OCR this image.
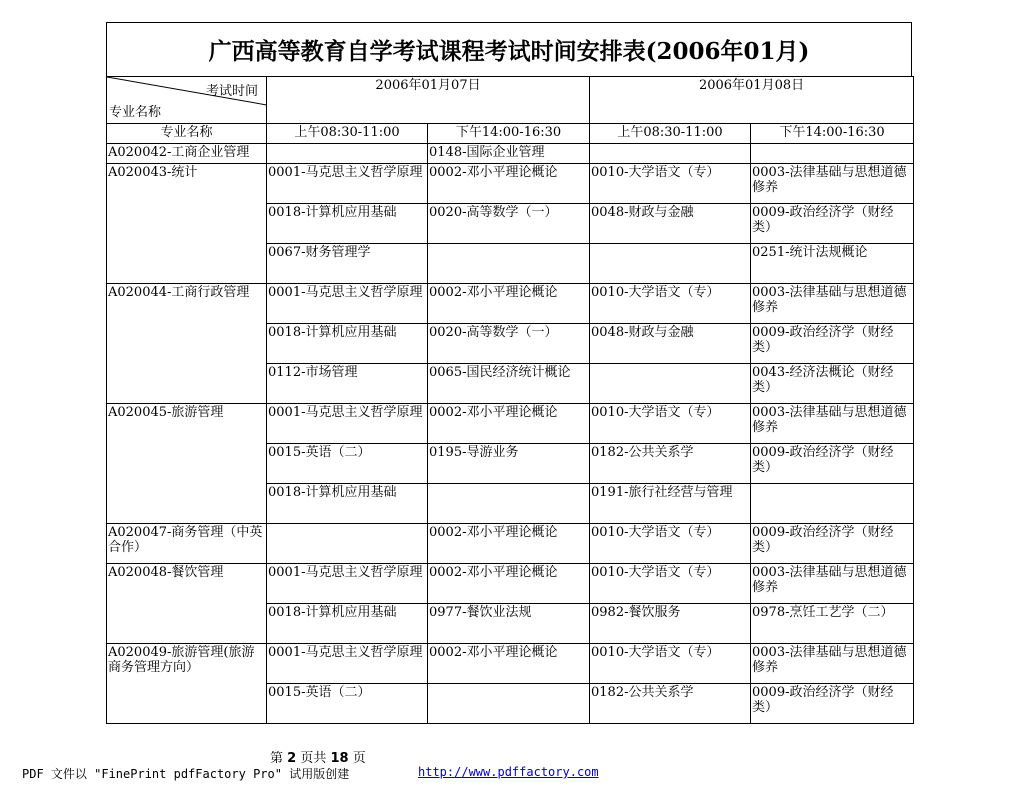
广西高等教育自学考试课程考试时间安排表(2006年01月)
考试时间
专业名称	2006年01月07日		2006年01月08日	
专业名称	上午08:30-11:00	下午14:00-16:30	上午08:30-11:00	下午14:00-16:30
A020042-工商企业管理		0148-国际企业管理		
A020043-统计	0001-马克思主义哲学原理	0002-邓小平理论概论	0010-大学语文（专）	0003-法律基础与思想道德修养
	0018-计算机应用基础	0020-高等数学（一）	0048-财政与金融	0009-政治经济学（财经类）
	0067-财务管理学			0251-统计法规概论
A020044-工商行政管理	0001-马克思主义哲学原理	0002-邓小平理论概论	0010-大学语文（专）	0003-法律基础与思想道德修养
	0018-计算机应用基础	0020-高等数学（一）	0048-财政与金融	0009-政治经济学（财经类）
	0112-市场管理	0065-国民经济统计概论		0043-经济法概论（财经类）
A020045-旅游管理	0001-马克思主义哲学原理	0002-邓小平理论概论	0010-大学语文（专）	0003-法律基础与思想道德修养
	0015-英语（二）	0195-导游业务	0182-公共关系学	0009-政治经济学（财经类）
	0018-计算机应用基础		0191-旅行社经营与管理	
A020047-商务管理（中英合作）		0002-邓小平理论概论	0010-大学语文（专）	0009-政治经济学（财经类）
A020048-餐饮管理	0001-马克思主义哲学原理	0002-邓小平理论概论	0010-大学语文（专）	0003-法律基础与思想道德修养
	0018-计算机应用基础	0977-餐饮业法规	0982-餐饮服务	0978-烹饪工艺学（二）
A020049-旅游管理(旅游商务管理方向）	0001-马克思主义哲学原理	0002-邓小平理论概论	0010-大学语文（专）	0003-法律基础与思想道德修养
	0015-英语（二）		0182-公共关系学	0009-政治经济学（财经类）
第 2 页共 18 页
PDF 文件以 "FinePrint pdfFactory Pro" 试用版创建	http://www.pdffactory.com
